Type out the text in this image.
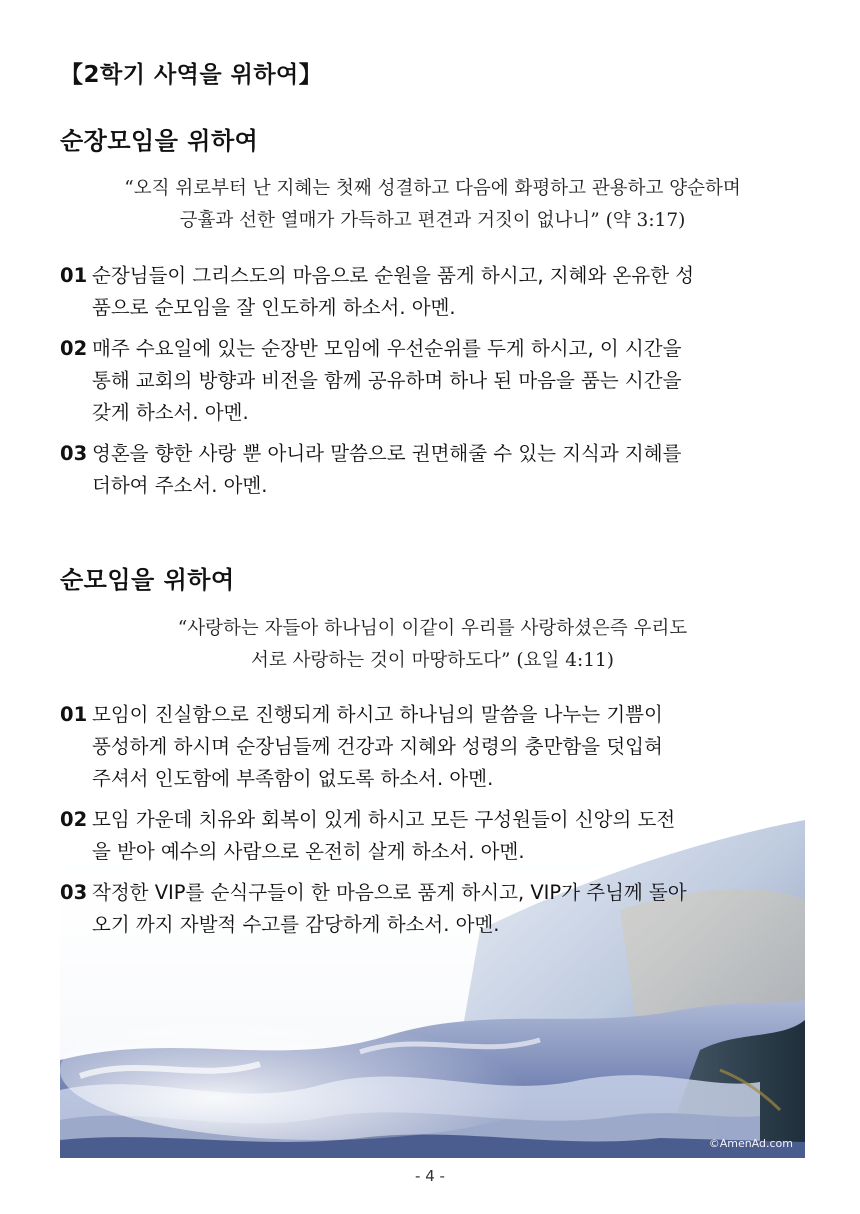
【2학기 사역을 위하여】
순장모임을 위하여
“오직 위로부터 난 지혜는 첫째 성결하고 다음에 화평하고 관용하고 양순하며
긍휼과 선한 열매가 가득하고 편견과 거짓이 없나니” (약 3:17)
01 순장님들이 그리스도의 마음으로 순원을 품게 하시고, 지혜와 온유한 성
품으로 순모임을 잘 인도하게 하소서. 아멘.
02 매주 수요일에 있는 순장반 모임에 우선순위를 두게 하시고, 이 시간을
통해 교회의 방향과 비전을 함께 공유하며 하나 된 마음을 품는 시간을
갖게 하소서. 아멘.
03 영혼을 향한 사랑 뿐 아니라 말씀으로 권면해줄 수 있는 지식과 지혜를
더하여 주소서. 아멘.
©AmenAd.com
순모임을 위하여
“사랑하는 자들아 하나님이 이같이 우리를 사랑하셨은즉 우리도
서로 사랑하는 것이 마땅하도다” (요일 4:11)
01 모임이 진실함으로 진행되게 하시고 하나님의 말씀을 나누는 기쁨이
풍성하게 하시며 순장님들께 건강과 지혜와 성령의 충만함을 덧입혀
주셔서 인도함에 부족함이 없도록 하소서. 아멘.
02 모임 가운데 치유와 회복이 있게 하시고 모든 구성원들이 신앙의 도전
을 받아 예수의 사람으로 온전히 살게 하소서. 아멘.
03 작정한 VIP를 순식구들이 한 마음으로 품게 하시고, VIP가 주님께 돌아
오기 까지 자발적 수고를 감당하게 하소서. 아멘.
- 4 -
